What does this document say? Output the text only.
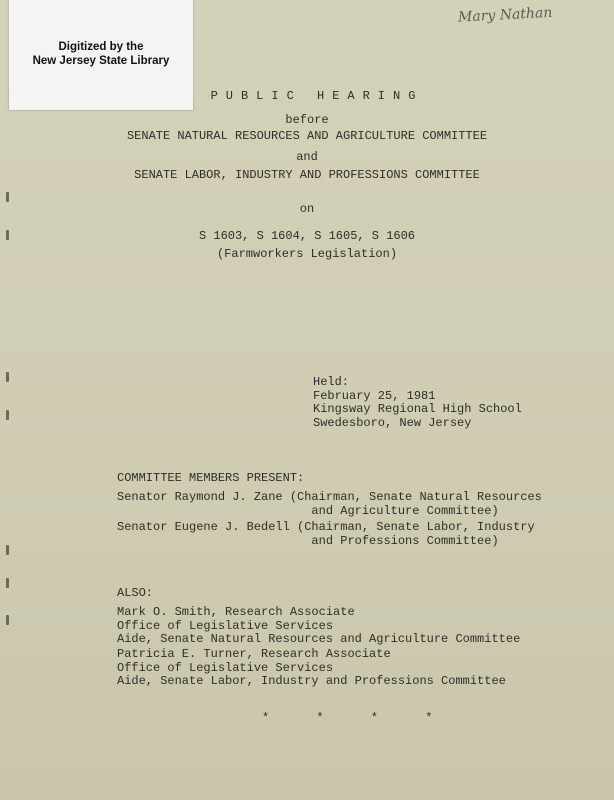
Digitized by the
New Jersey State Library
Mary Nathan
PUBLIC HEARING
before
SENATE NATURAL RESOURCES AND AGRICULTURE COMMITTEE
and
SENATE LABOR, INDUSTRY AND PROFESSIONS COMMITTEE
on
S 1603, S 1604, S 1605, S 1606
(Farmworkers Legislation)
Held:
February 25, 1981
Kingsway Regional High School
Swedesboro, New Jersey
COMMITTEE MEMBERS PRESENT:
Senator Raymond J. Zane (Chairman, Senate Natural Resources
and Agriculture Committee)
Senator Eugene J. Bedell (Chairman, Senate Labor, Industry
and Professions Committee)
ALSO:
Mark O. Smith, Research Associate
Office of Legislative Services
Aide, Senate Natural Resources and Agriculture Committee
Patricia E. Turner, Research Associate
Office of Legislative Services
Aide, Senate Labor, Industry and Professions Committee
* * * *
